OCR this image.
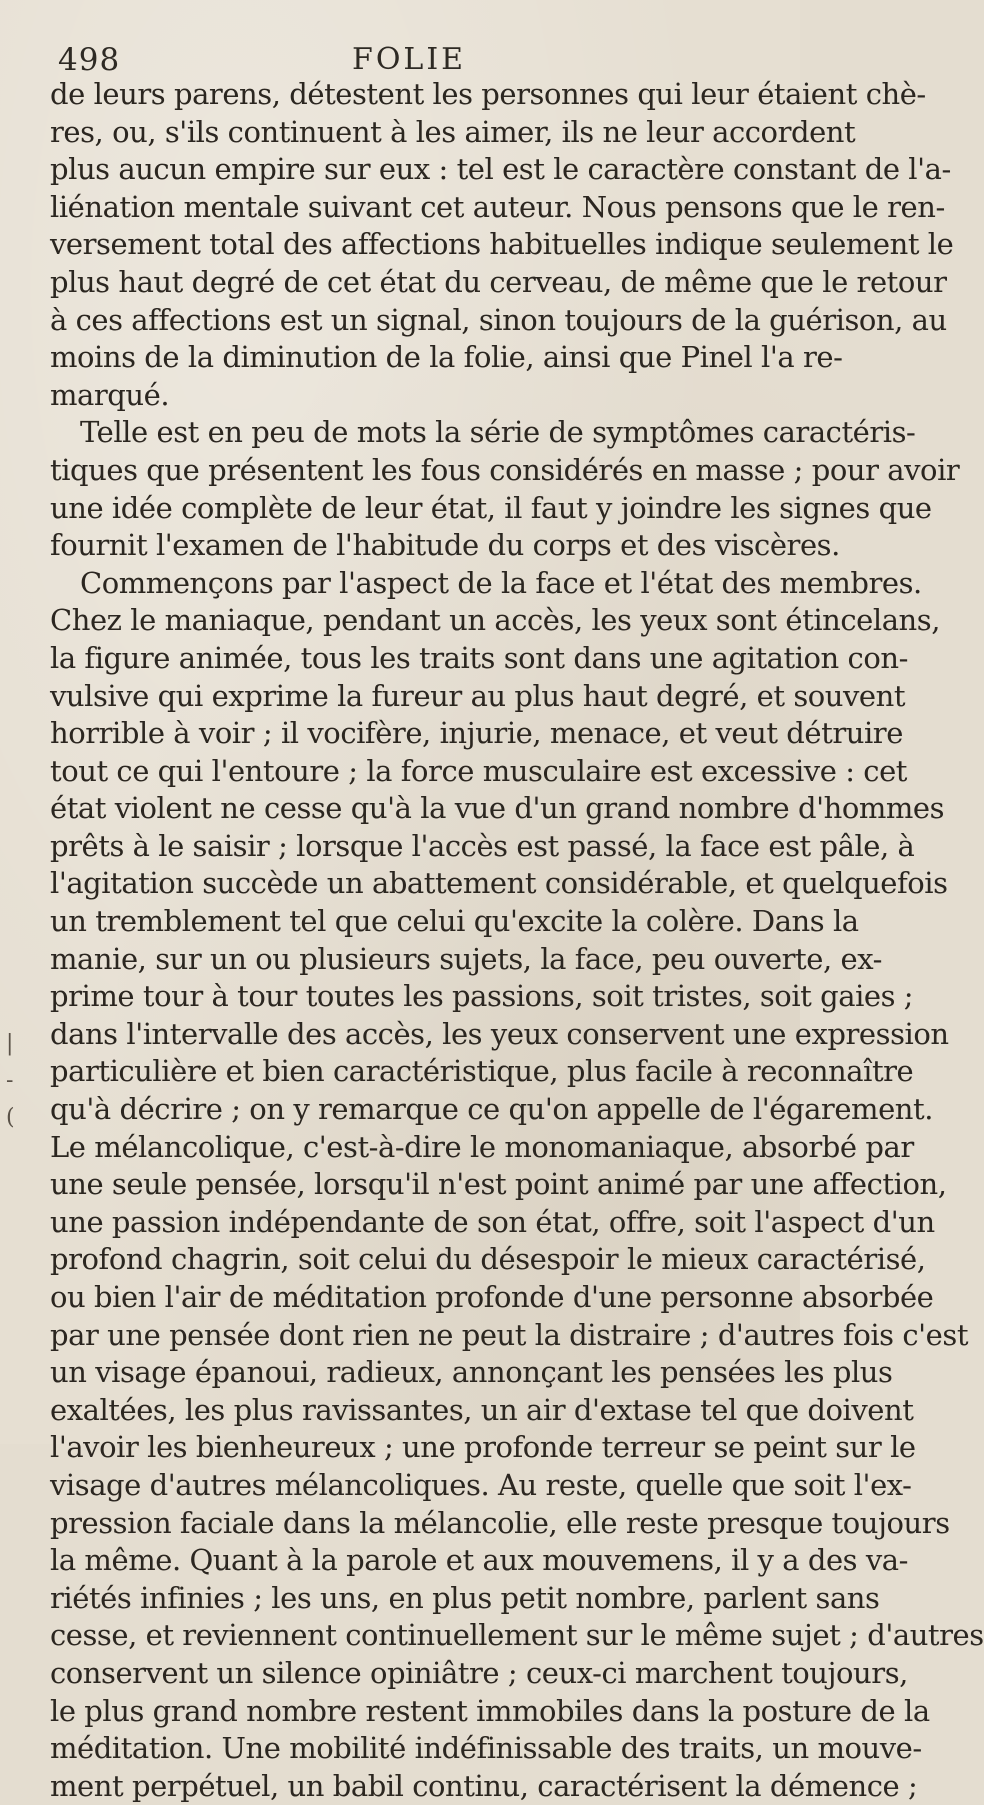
498	FOLIE
|
-
(
de leurs parens, détestent les personnes qui leur étaient chè-
res, ou, s'ils continuent à les aimer, ils ne leur accordent
plus aucun empire sur eux : tel est le caractère constant de l'a-
liénation mentale suivant cet auteur. Nous pensons que le ren-
versement total des affections habituelles indique seulement le
plus haut degré de cet état du cerveau, de même que le retour
à ces affections est un signal, sinon toujours de la guérison, au
moins de la diminution de la folie, ainsi que Pinel l'a re-
marqué.
Telle est en peu de mots la série de symptômes caractéris-
tiques que présentent les fous considérés en masse ; pour avoir
une idée complète de leur état, il faut y joindre les signes que
fournit l'examen de l'habitude du corps et des viscères.
Commençons par l'aspect de la face et l'état des membres.
Chez le maniaque, pendant un accès, les yeux sont étincelans,
la figure animée, tous les traits sont dans une agitation con-
vulsive qui exprime la fureur au plus haut degré, et souvent
horrible à voir ; il vocifère, injurie, menace, et veut détruire
tout ce qui l'entoure ; la force musculaire est excessive : cet
état violent ne cesse qu'à la vue d'un grand nombre d'hommes
prêts à le saisir ; lorsque l'accès est passé, la face est pâle, à
l'agitation succède un abattement considérable, et quelquefois
un tremblement tel que celui qu'excite la colère. Dans la
manie, sur un ou plusieurs sujets, la face, peu ouverte, ex-
prime tour à tour toutes les passions, soit tristes, soit gaies ;
dans l'intervalle des accès, les yeux conservent une expression
particulière et bien caractéristique, plus facile à reconnaître
qu'à décrire ; on y remarque ce qu'on appelle de l'égarement.
Le mélancolique, c'est-à-dire le monomaniaque, absorbé par
une seule pensée, lorsqu'il n'est point animé par une affection,
une passion indépendante de son état, offre, soit l'aspect d'un
profond chagrin, soit celui du désespoir le mieux caractérisé,
ou bien l'air de méditation profonde d'une personne absorbée
par une pensée dont rien ne peut la distraire ; d'autres fois c'est
un visage épanoui, radieux, annonçant les pensées les plus
exaltées, les plus ravissantes, un air d'extase tel que doivent
l'avoir les bienheureux ; une profonde terreur se peint sur le
visage d'autres mélancoliques. Au reste, quelle que soit l'ex-
pression faciale dans la mélancolie, elle reste presque toujours
la même. Quant à la parole et aux mouvemens, il y a des va-
riétés infinies ; les uns, en plus petit nombre, parlent sans
cesse, et reviennent continuellement sur le même sujet ; d'autres
conservent un silence opiniâtre ; ceux-ci marchent toujours,
le plus grand nombre restent immobiles dans la posture de la
méditation. Une mobilité indéfinissable des traits, un mouve-
ment perpétuel, un babil continu, caractérisent la démence ;
